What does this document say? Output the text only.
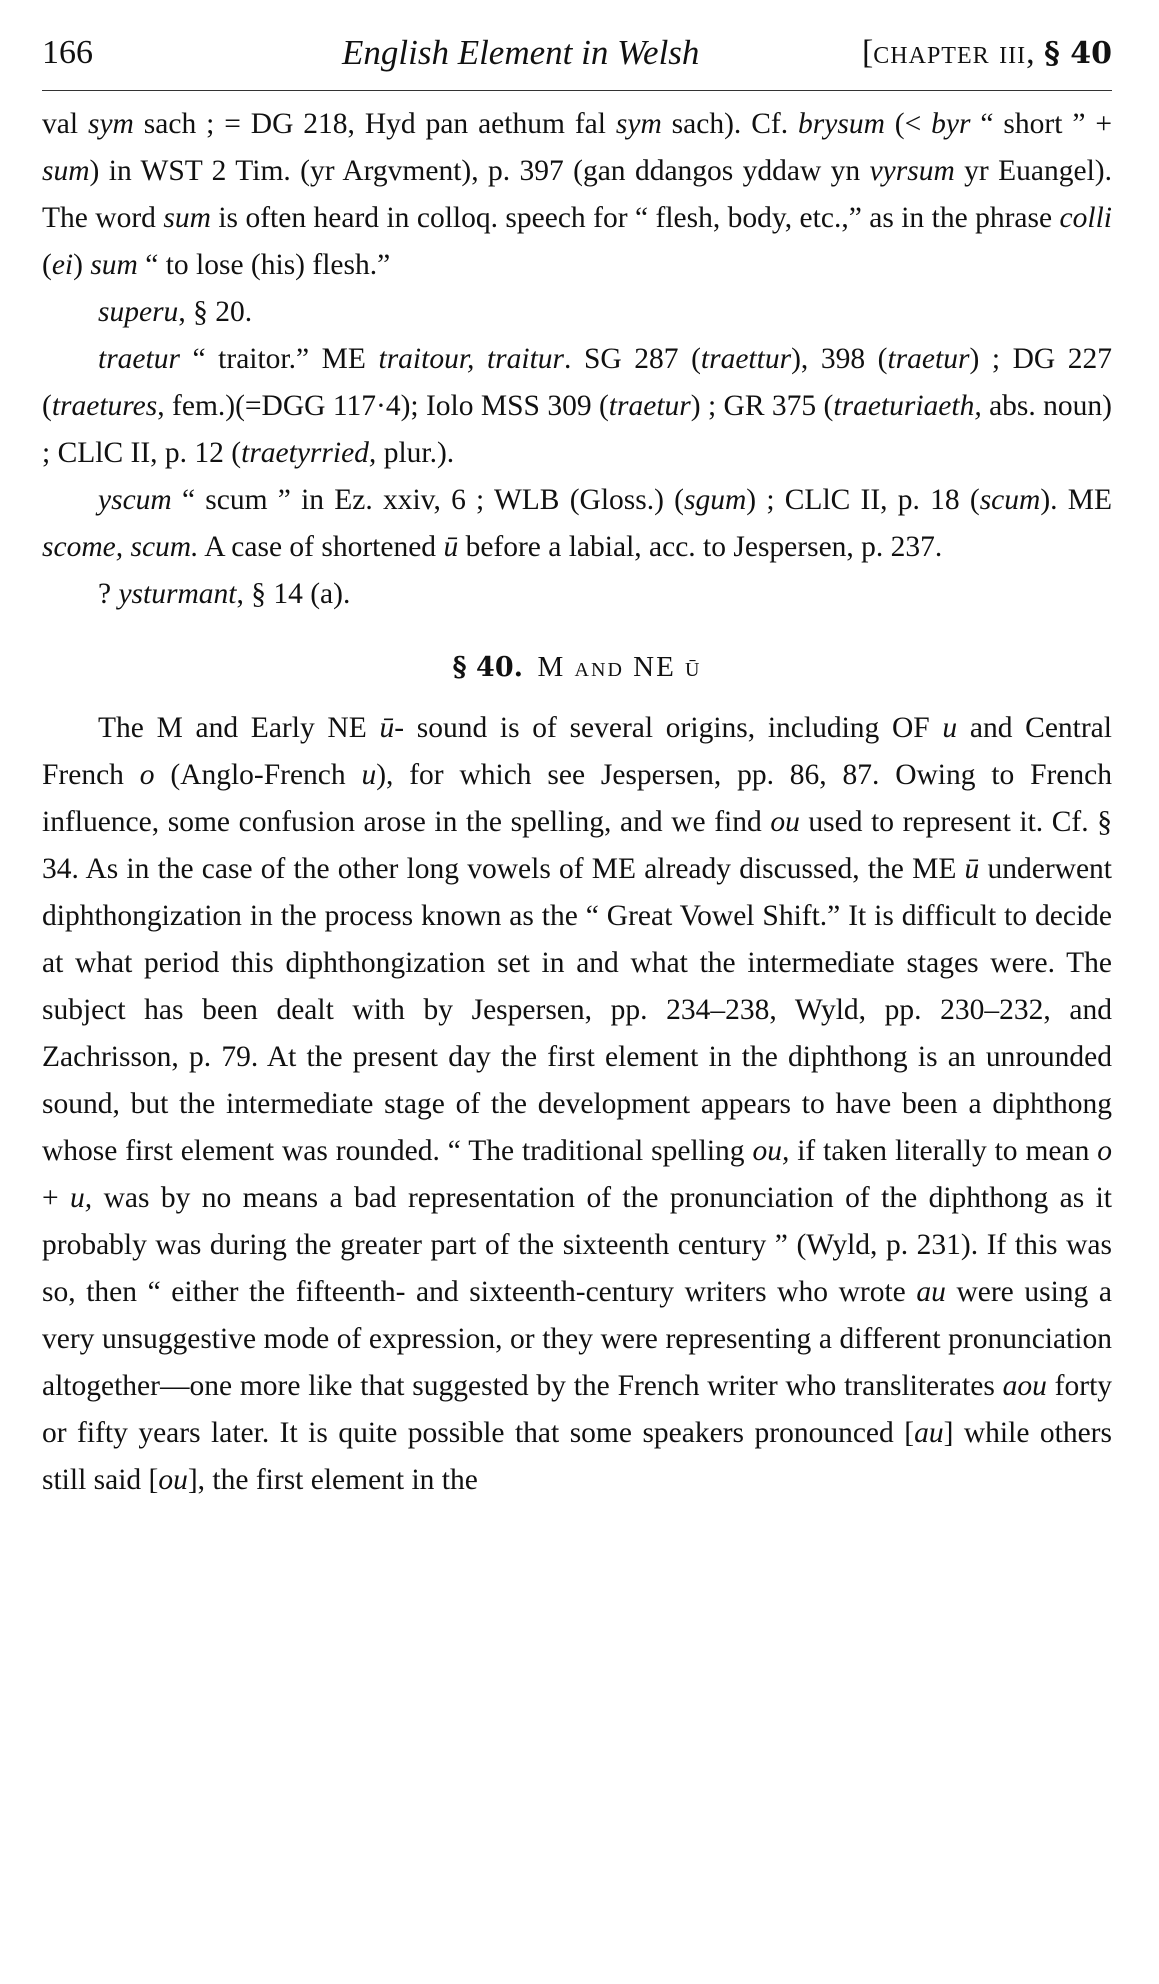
166	English Element in Welsh	[chapter iii, § 40

val sym sach ; = DG 218, Hyd pan aethum fal sym sach). Cf. brysum (< byr “ short ” + sum) in WST 2 Tim. (yr Argvment), p. 397 (gan ddangos yddaw yn vyrsum yr Euangel). The word sum is often heard in colloq. speech for “ flesh, body, etc.,” as in the phrase colli (ei) sum “ to lose (his) flesh.”

superu, § 20.

traetur “ traitor.” ME traitour, traitur. SG 287 (traettur), 398 (traetur) ; DG 227 (traetures, fem.)(=DGG 117·4); Iolo MSS 309 (traetur) ; GR 375 (traeturiaeth, abs. noun) ; CLlC II, p. 12 (traetyrried, plur.).

yscum “ scum ” in Ez. xxiv, 6 ; WLB (Gloss.) (sgum) ; CLlC II, p. 18 (scum). ME scome, scum. A case of shortened ū before a labial, acc. to Jespersen, p. 237.

? ysturmant, § 14 (a).

§ 40. M and NE ū

The M and Early NE ū- sound is of several origins, including OF u and Central French o (Anglo-French u), for which see Jespersen, pp. 86, 87. Owing to French influence, some confusion arose in the spelling, and we find ou used to represent it. Cf. § 34. As in the case of the other long vowels of ME already discussed, the ME ū underwent diphthongization in the process known as the “ Great Vowel Shift.” It is difficult to decide at what period this diphthongization set in and what the intermediate stages were. The subject has been dealt with by Jespersen, pp. 234–238, Wyld, pp. 230–232, and Zachrisson, p. 79. At the present day the first element in the diphthong is an unrounded sound, but the intermediate stage of the development appears to have been a diphthong whose first element was rounded. “ The traditional spelling ou, if taken literally to mean o + u, was by no means a bad representation of the pronunciation of the diphthong as it probably was during the greater part of the sixteenth century ” (Wyld, p. 231). If this was so, then “ either the fifteenth- and sixteenth-century writers who wrote au were using a very unsuggestive mode of expression, or they were representing a different pronunciation altogether—one more like that suggested by the French writer who transliterates aou forty or fifty years later. It is quite possible that some speakers pronounced [au] while others still said [ou], the first element in the
